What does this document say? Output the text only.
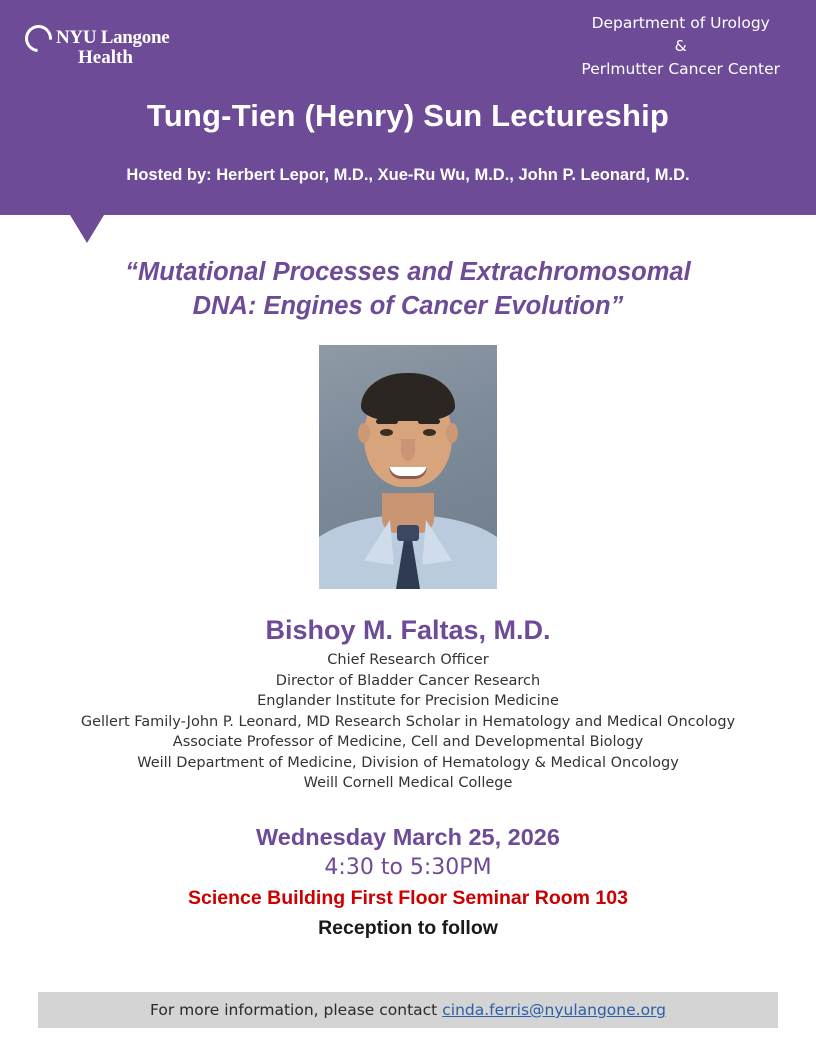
NYU Langone
Health
Department of Urology
&
Perlmutter Cancer Center
Tung-Tien (Henry) Sun Lectureship
Hosted by: Herbert Lepor, M.D., Xue-Ru Wu, M.D., John P. Leonard, M.D.
“Mutational Processes and Extrachromosomal
DNA: Engines of Cancer Evolution”
Bishoy M. Faltas, M.D.
Chief Research Officer
Director of Bladder Cancer Research
Englander Institute for Precision Medicine
Gellert Family-John P. Leonard, MD Research Scholar in Hematology and Medical Oncology
Associate Professor of Medicine, Cell and Developmental Biology
Weill Department of Medicine, Division of Hematology & Medical Oncology
Weill Cornell Medical College
Wednesday March 25, 2026
4:30 to 5:30PM
Science Building First Floor Seminar Room 103
Reception to follow
For more information, please contact cinda.ferris@nyulangone.org
